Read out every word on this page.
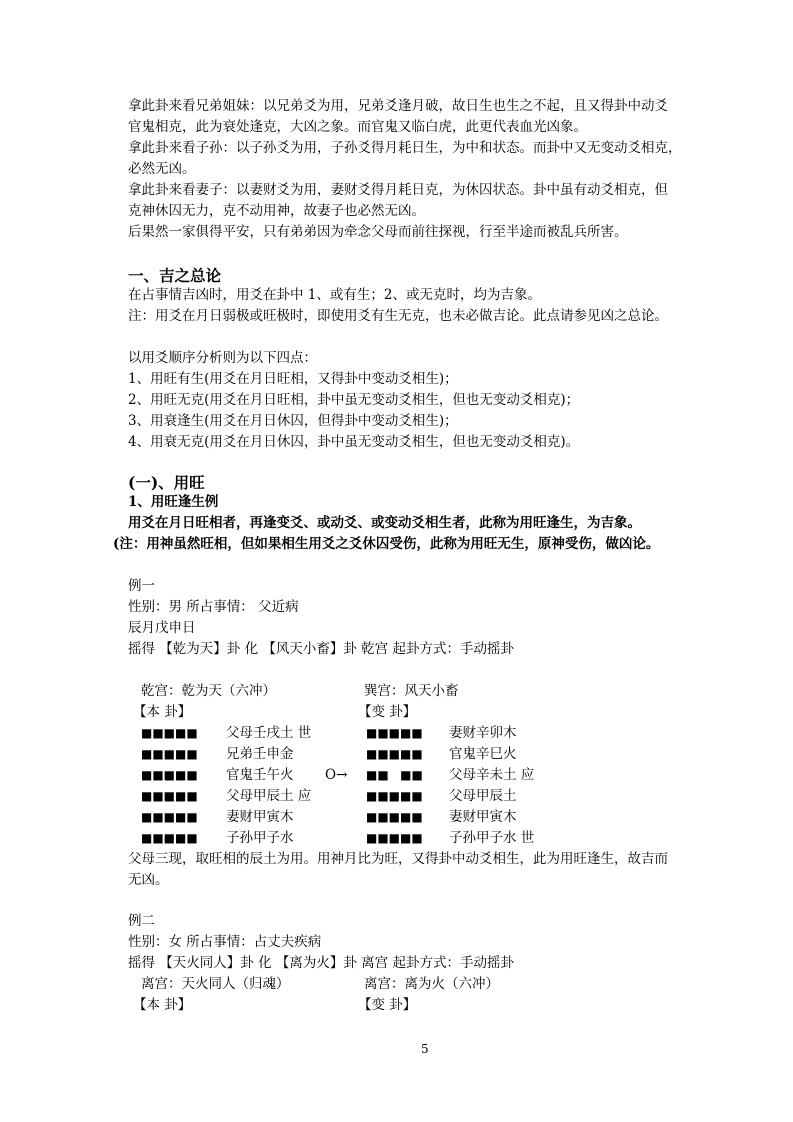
拿此卦来看兄弟姐妹：以兄弟爻为用，兄弟爻逢月破，故日生也生之不起，且又得卦中动爻
官鬼相克，此为衰处逢克，大凶之象。而官鬼又临白虎，此更代表血光凶象。
拿此卦来看子孙：以子孙爻为用，子孙爻得月耗日生，为中和状态。而卦中又无变动爻相克，
必然无凶。
拿此卦来看妻子：以妻财爻为用，妻财爻得月耗日克，为休囚状态。卦中虽有动爻相克，但
克神休囚无力，克不动用神，故妻子也必然无凶。
后果然一家俱得平安，只有弟弟因为牵念父母而前往探视，行至半途而被乱兵所害。
一、吉之总论
在占事情吉凶时，用爻在卦中 1、或有生；2、或无克时，均为吉象。
注：用爻在月日弱极或旺极时，即使用爻有生无克，也未必做吉论。此点请参见凶之总论。
以用爻顺序分析则为以下四点：
1、用旺有生(用爻在月日旺相，又得卦中变动爻相生)；
2、用旺无克(用爻在月日旺相，卦中虽无变动爻相生，但也无变动爻相克)；
3、用衰逢生(用爻在月日休囚，但得卦中变动爻相生)；
4、用衰无克(用爻在月日休囚，卦中虽无变动爻相生，但也无变动爻相克)。
(一)、用旺
1、用旺逢生例
用爻在月日旺相者，再逢变爻、或动爻、或变动爻相生者，此称为用旺逢生，为吉象。
(注：用神虽然旺相，但如果相生用爻之爻休囚受伤，此称为用旺无生，原神受伤，做凶论。
例一
性别：男 所占事情： 父近病
辰月戊申日
摇得 【乾为天】卦 化 【风天小畜】卦 乾宫 起卦方式：手动摇卦
乾宫：乾为天（六冲）	巽宫：风天小畜
【本 卦】	【变 卦】
■■■■■ 父母壬戌土 世	■■■■■ 妻财辛卯木
■■■■■ 兄弟壬申金	■■■■■ 官鬼辛巳火
■■■■■ 官鬼壬午火 O→ ■■   ■■ 父母辛未土 应
■■■■■ 父母甲辰土 应	■■■■■ 父母甲辰土
■■■■■ 妻财甲寅木	■■■■■ 妻财甲寅木
■■■■■ 子孙甲子水	■■■■■ 子孙甲子水 世
父母三现，取旺相的辰土为用。用神月比为旺，又得卦中动爻相生，此为用旺逢生，故吉而
无凶。
例二
性别：女 所占事情：占丈夫疾病
摇得 【天火同人】卦 化 【离为火】卦 离宫 起卦方式：手动摇卦
离宫：天火同人（归魂）	离宫：离为火（六冲）
【本 卦】	【变 卦】
5
